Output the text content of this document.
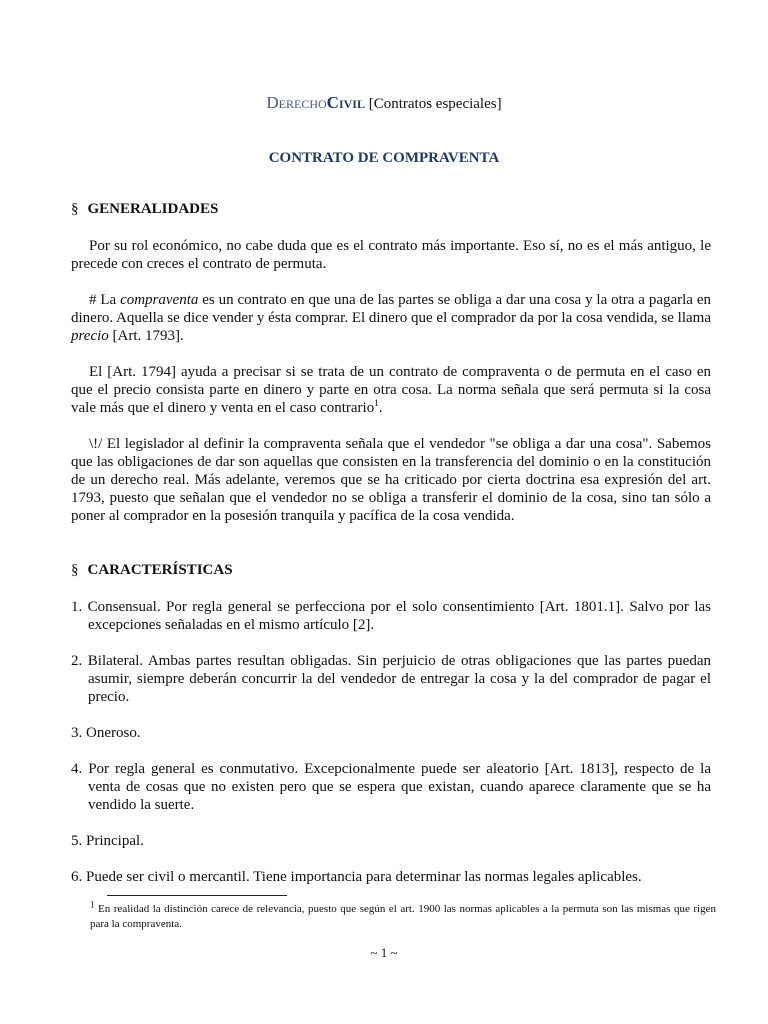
DerechoCivil [Contratos especiales]
CONTRATO DE COMPRAVENTA
§ GENERALIDADES

Por su rol económico, no cabe duda que es el contrato más importante. Eso sí, no es el más antiguo, le precede con creces el contrato de permuta.

# La compraventa es un contrato en que una de las partes se obliga a dar una cosa y la otra a pagarla en dinero. Aquella se dice vender y ésta comprar. El dinero que el comprador da por la cosa vendida, se llama precio [Art. 1793].

El [Art. 1794] ayuda a precisar si se trata de un contrato de compraventa o de permuta en el caso en que el precio consista parte en dinero y parte en otra cosa. La norma señala que será permuta si la cosa vale más que el dinero y venta en el caso contrario$^1$.

\!/ El legislador al definir la compraventa señala que el vendedor "se obliga a dar una cosa". Sabemos que las obligaciones de dar son aquellas que consisten en la transferencia del dominio o en la constitución de un derecho real. Más adelante, veremos que se ha criticado por cierta doctrina esa expresión del art. 1793, puesto que señalan que el vendedor no se obliga a transferir el dominio de la cosa, sino tan sólo a poner al comprador en la posesión tranquila y pacífica de la cosa vendida.

§ CARACTERÍSTICAS
1. Consensual. Por regla general se perfecciona por el solo consentimiento [Art. 1801.1]. Salvo por las excepciones señaladas en el mismo artículo [2].
2. Bilateral. Ambas partes resultan obligadas. Sin perjuicio de otras obligaciones que las partes puedan asumir, siempre deberán concurrir la del vendedor de entregar la cosa y la del comprador de pagar el precio.
3. Oneroso.
4. Por regla general es conmutativo. Excepcionalmente puede ser aleatorio [Art. 1813], respecto de la venta de cosas que no existen pero que se espera que existan, cuando aparece claramente que se ha vendido la suerte.
5. Principal.
6. Puede ser civil o mercantil. Tiene importancia para determinar las normas legales aplicables.
$^1$ En realidad la distinción carece de relevancia, puesto que según el art. 1900 las normas aplicables a la permuta son las mismas que rigen para la compraventa.
~ 1 ~
